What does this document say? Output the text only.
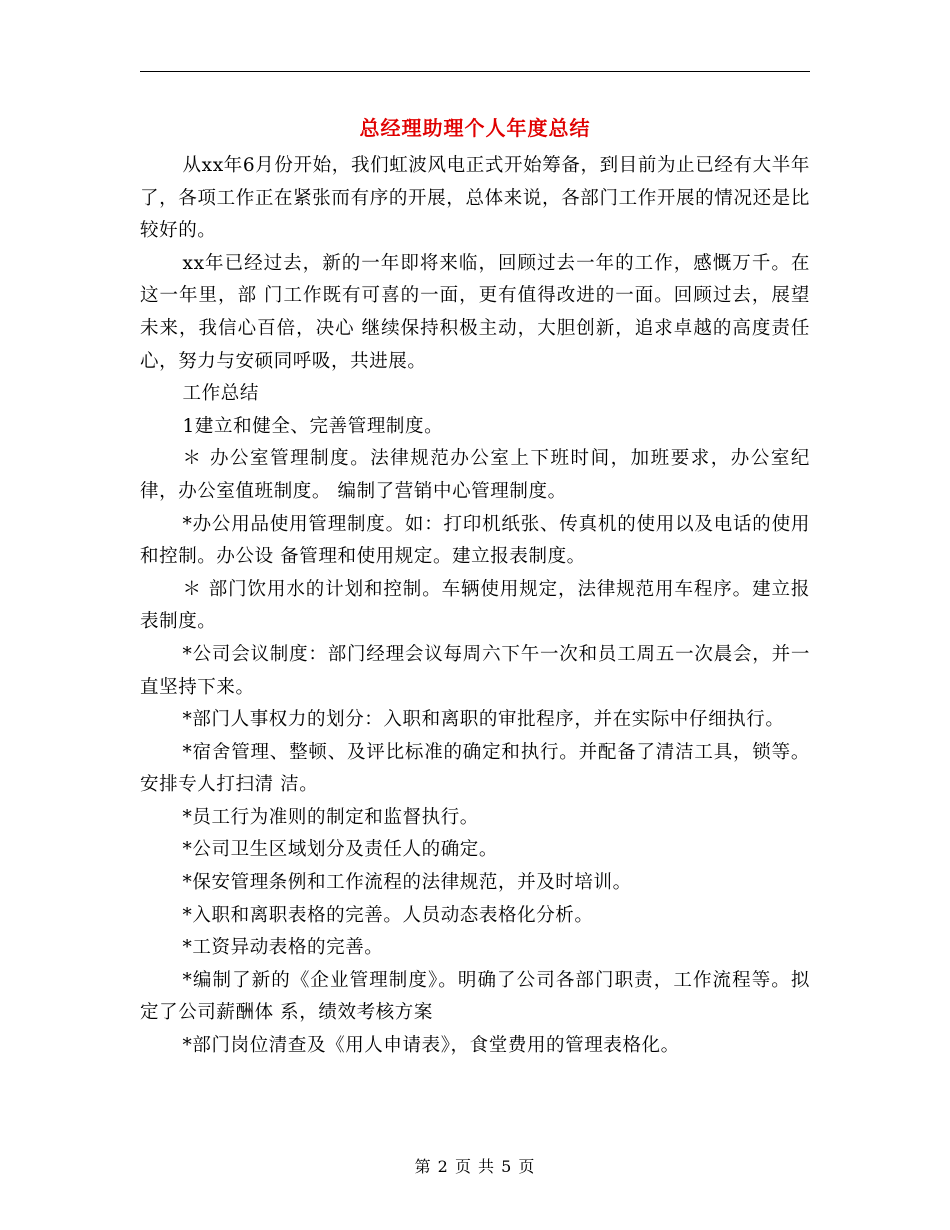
总经理助理个人年度总结

从xx年6月份开始，我们虹波风电正式开始筹备，到目前为止已经有大半年了，各项工作正在紧张而有序的开展，总体来说，各部门工作开展的情况还是比较好的。

xx年已经过去，新的一年即将来临，回顾过去一年的工作，感慨万千。在这一年里，部 门工作既有可喜的一面，更有值得改进的一面。回顾过去，展望未来，我信心百倍，决心 继续保持积极主动，大胆创新，追求卓越的高度责任心，努力与安硕同呼吸，共进展。

工作总结

1建立和健全、完善管理制度。

＊ 办公室管理制度。法律规范办公室上下班时间，加班要求，办公室纪律，办公室值班制度。 编制了营销中心管理制度。

*办公用品使用管理制度。如：打印机纸张、传真机的使用以及电话的使用和控制。办公设 备管理和使用规定。建立报表制度。

＊ 部门饮用水的计划和控制。车辆使用规定，法律规范用车程序。建立报表制度。

*公司会议制度：部门经理会议每周六下午一次和员工周五一次晨会，并一直坚持下来。

*部门人事权力的划分：入职和离职的审批程序，并在实际中仔细执行。

*宿舍管理、整顿、及评比标准的确定和执行。并配备了清洁工具，锁等。安排专人打扫清 洁。

*员工行为准则的制定和监督执行。

*公司卫生区域划分及责任人的确定。

*保安管理条例和工作流程的法律规范，并及时培训。

*入职和离职表格的完善。人员动态表格化分析。

*工资异动表格的完善。

*编制了新的《企业管理制度》。明确了公司各部门职责，工作流程等。拟定了公司薪酬体 系，绩效考核方案

*部门岗位清查及《用人申请表》，食堂费用的管理表格化。

第 2 页 共 5 页
